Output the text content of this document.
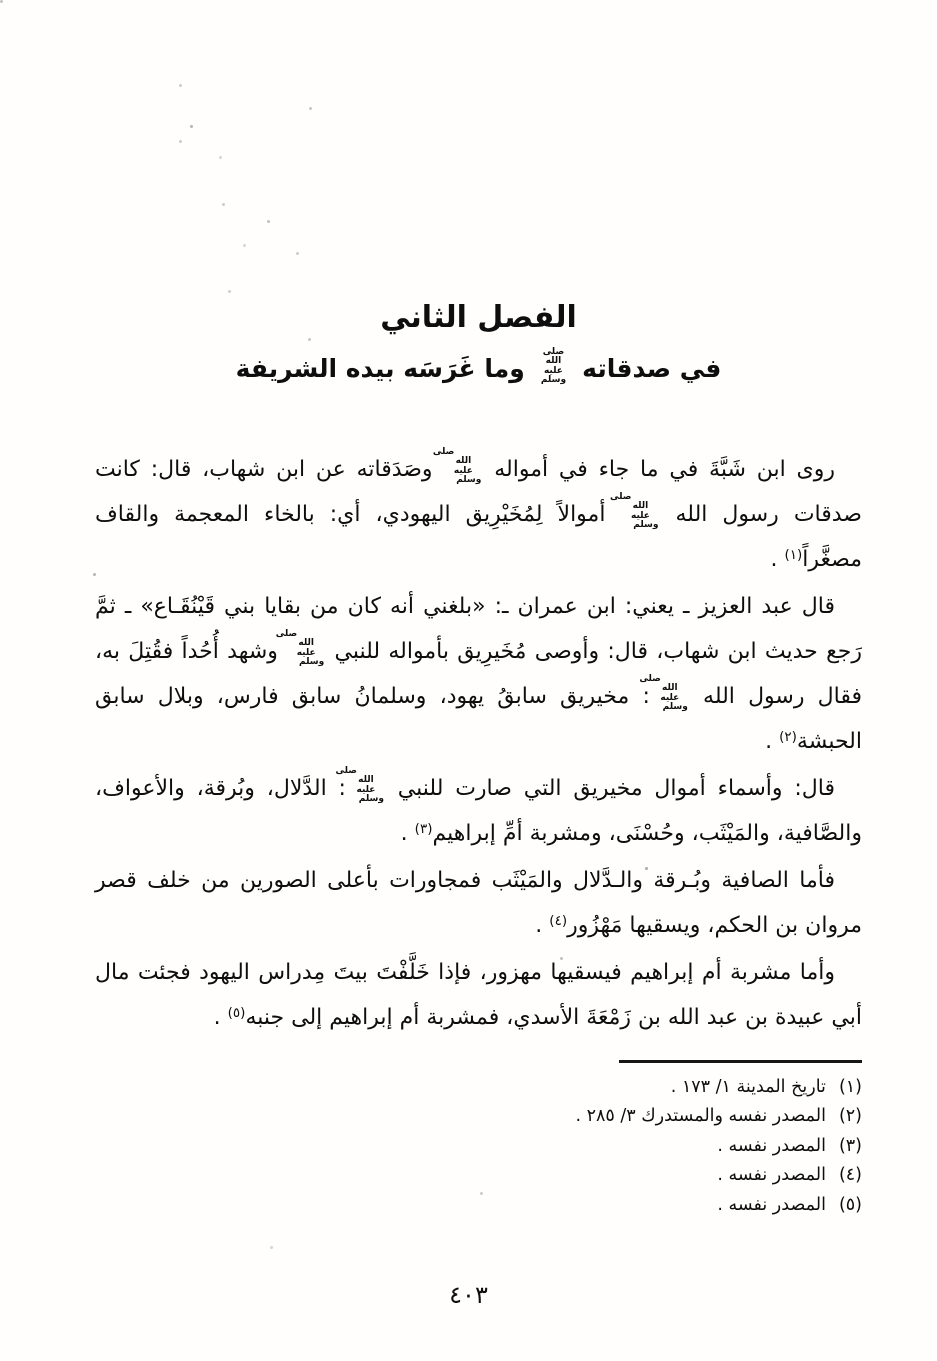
الفصل الثاني
في صدقاته صلى الله عليه وسلم وما غَرَسَه بيده الشريفة
روى ابن شَبَّةَ في ما جاء في أمواله صلى الله عليه وسلم وصَدَقاته عن ابن شهاب، قال: كانت صدقات رسول الله صلى الله عليه وسلم أموالاً لِمُخَيْرِيق اليهودي، أي: بالخاء المعجمة والقاف مصغَّراً$^{(١)}$ .
قال عبد العزيز ـ يعني: ابن عمران ـ: «بلغني أنه كان من بقايا بني قَيْنُقَـاع» ـ ثمَّ رَجع حديث ابن شهاب، قال: وأوصى مُخَيرِيق بأمواله للنبي صلى الله عليه وسلم وشهد أُحُداً فقُتِلَ به، فقال رسول الله صلى الله عليه وسلم: مخيريق سابقُ يهود، وسلمانُ سابق فارس، وبلال سابق الحبشة$^{(٢)}$ .
قال: وأسماء أموال مخيريق التي صارت للنبي صلى الله عليه وسلم: الدَّلال، وبُرقة، والأعواف، والصَّافية، والمَيْثَب، وحُسْنَى، ومشربة أمِّ إبراهيم$^{(٣)}$ .
فأما الصافية وبُـرقة والـدَّلال والمَيْثَب فمجاورات بأعلى الصورين من خلف قصر مروان بن الحكم، ويسقيها مَهْزُور$^{(٤)}$ .
وأما مشربة أم إبراهيم فيسقيها مهزور، فإذا خَلَّفْتَ بيتَ مِدراس اليهود فجئت مال أبي عبيدة بن عبد الله بن زَمْعَةَ الأسدي، فمشربة أم إبراهيم إلى جنبه$^{(٥)}$ .
(١)تاريخ المدينة ١/ ١٧٣ .
(٢)المصدر نفسه والمستدرك ٣/ ٢٨٥ .
(٣)المصدر نفسه .
(٤)المصدر نفسه .
(٥)المصدر نفسه .
٤٠٣
